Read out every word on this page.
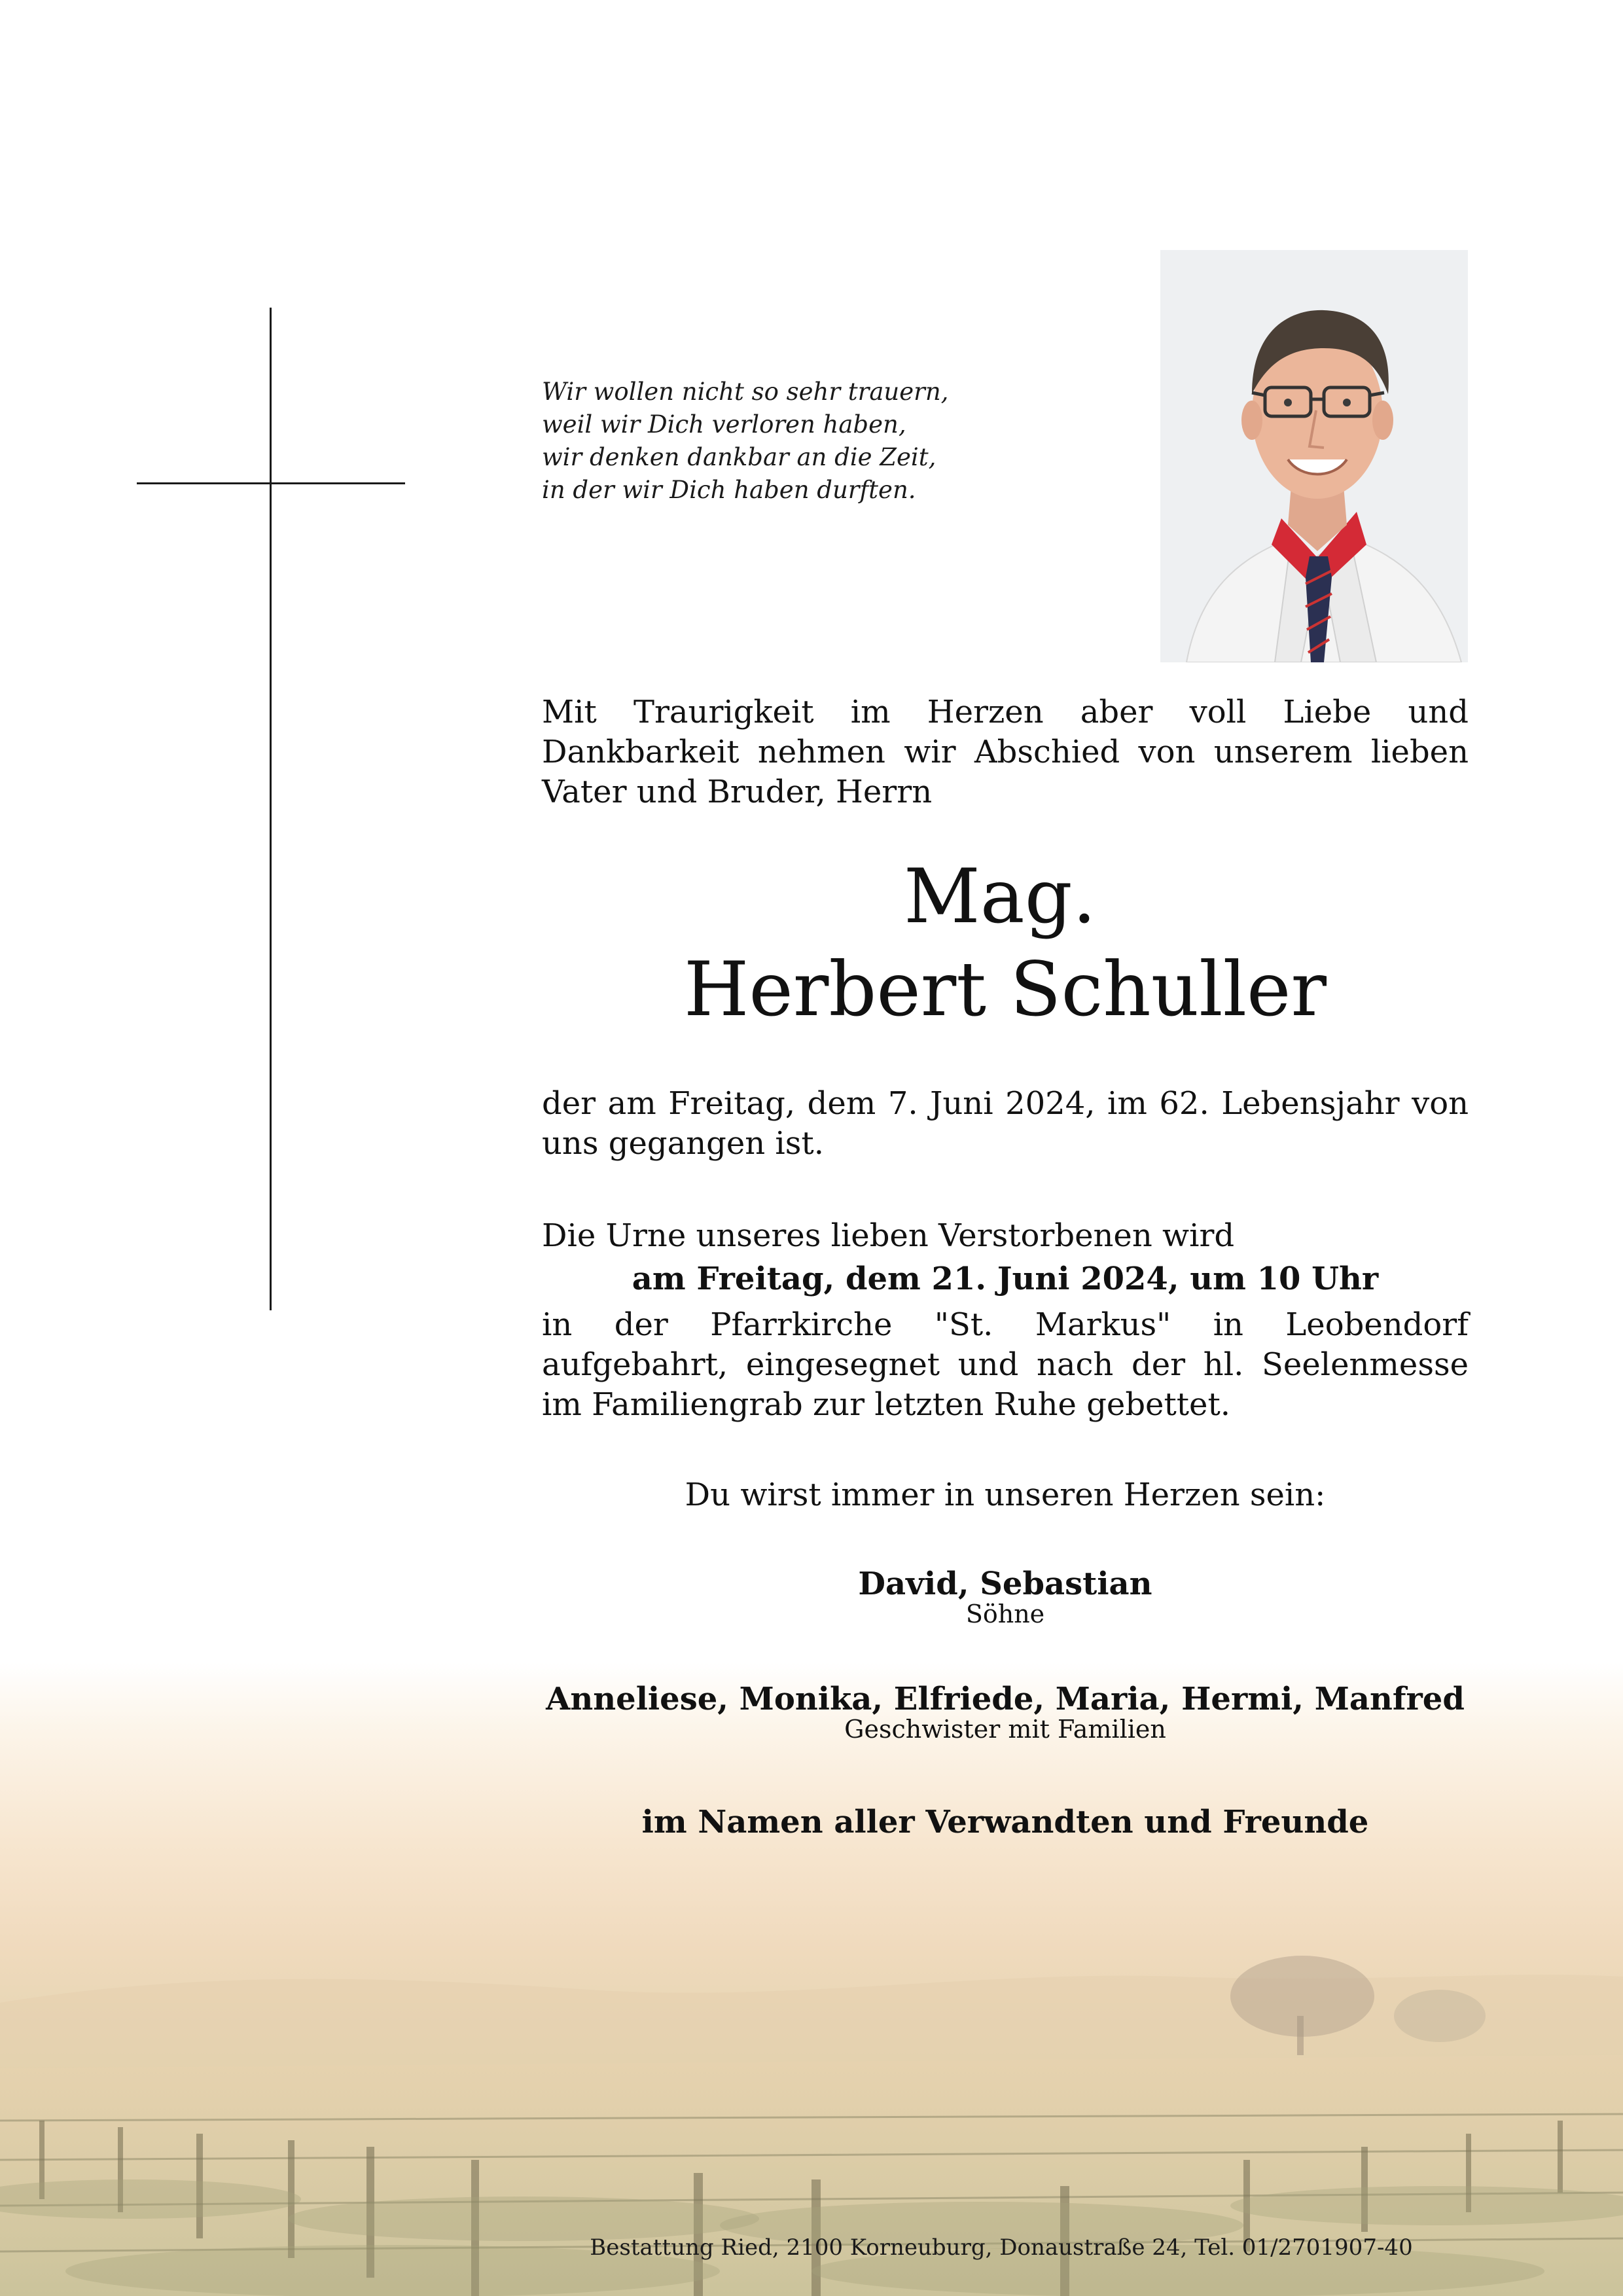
Wir wollen nicht so sehr trauern,
weil wir Dich verloren haben,
wir denken dankbar an die Zeit,
in der wir Dich haben durften.
Mit Traurigkeit im Herzen aber voll Liebe und Dankbarkeit nehmen wir Abschied von unserem lieben Vater und Bruder, Herrn
Mag.
Herbert Schuller
der am Freitag, dem 7. Juni 2024, im 62. Lebensjahr von uns gegangen ist.
Die Urne unseres lieben Verstorbenen wird
am Freitag, dem 21. Juni 2024, um 10 Uhr
in der Pfarrkirche "St. Markus" in Leobendorf aufgebahrt, eingesegnet und nach der hl. Seelenmesse im Familiengrab zur letzten Ruhe gebettet.
Du wirst immer in unseren Herzen sein:
David, Sebastian
Söhne
Anneliese, Monika, Elfriede, Maria, Hermi, Manfred
Geschwister mit Familien
im Namen aller Verwandten und Freunde
Bestattung Ried, 2100 Korneuburg, Donaustraße 24, Tel. 01/2701907-40
